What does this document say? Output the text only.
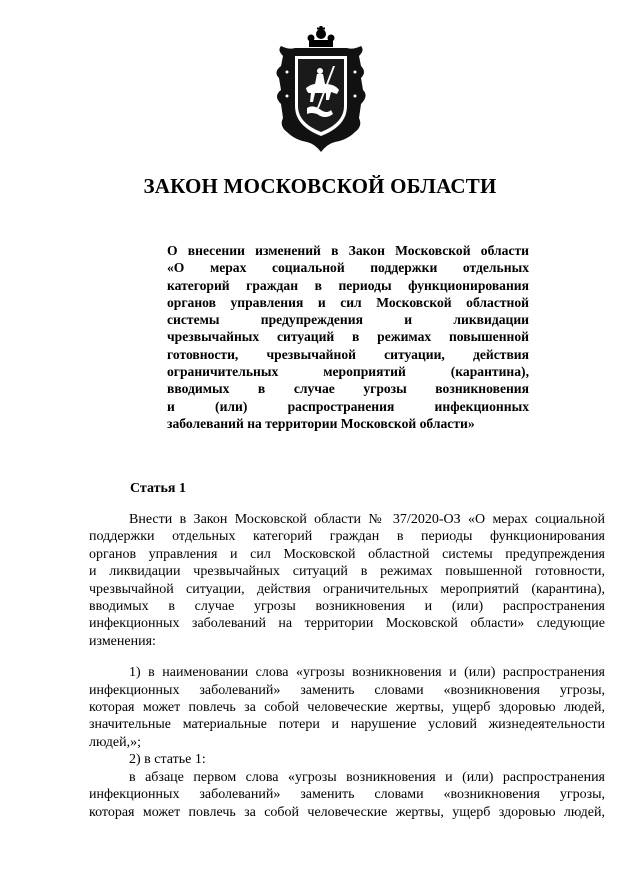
ЗАКОН МОСКОВСКОЙ ОБЛАСТИ
О внесении изменений в Закон Московской области
«О мерах социальной поддержки отдельных
категорий граждан в периоды функционирования
органов управления и сил Московской областной
системы предупреждения и ликвидации
чрезвычайных ситуаций в режимах повышенной
готовности, чрезвычайной ситуации, действия
ограничительных мероприятий (карантина),
вводимых в случае угрозы возникновения
и (или) распространения инфекционных
заболеваний на территории Московской области»
Статья 1
Внести в Закон Московской области № 37/2020-ОЗ «О мерах социальной
поддержки отдельных категорий граждан в периоды функционирования
органов управления и сил Московской областной системы предупреждения
и ликвидации чрезвычайных ситуаций в режимах повышенной готовности,
чрезвычайной ситуации, действия ограничительных мероприятий (карантина),
вводимых в случае угрозы возникновения и (или) распространения
инфекционных заболеваний на территории Московской области» следующие
изменения:
1) в наименовании слова «угрозы возникновения и (или) распространения
инфекционных заболеваний» заменить словами «возникновения угрозы,
которая может повлечь за собой человеческие жертвы, ущерб здоровью людей,
значительные материальные потери и нарушение условий жизнедеятельности
людей,»;
2) в статье 1:
в абзаце первом слова «угрозы возникновения и (или) распространения
инфекционных заболеваний» заменить словами «возникновения угрозы,
которая может повлечь за собой человеческие жертвы, ущерб здоровью людей,
